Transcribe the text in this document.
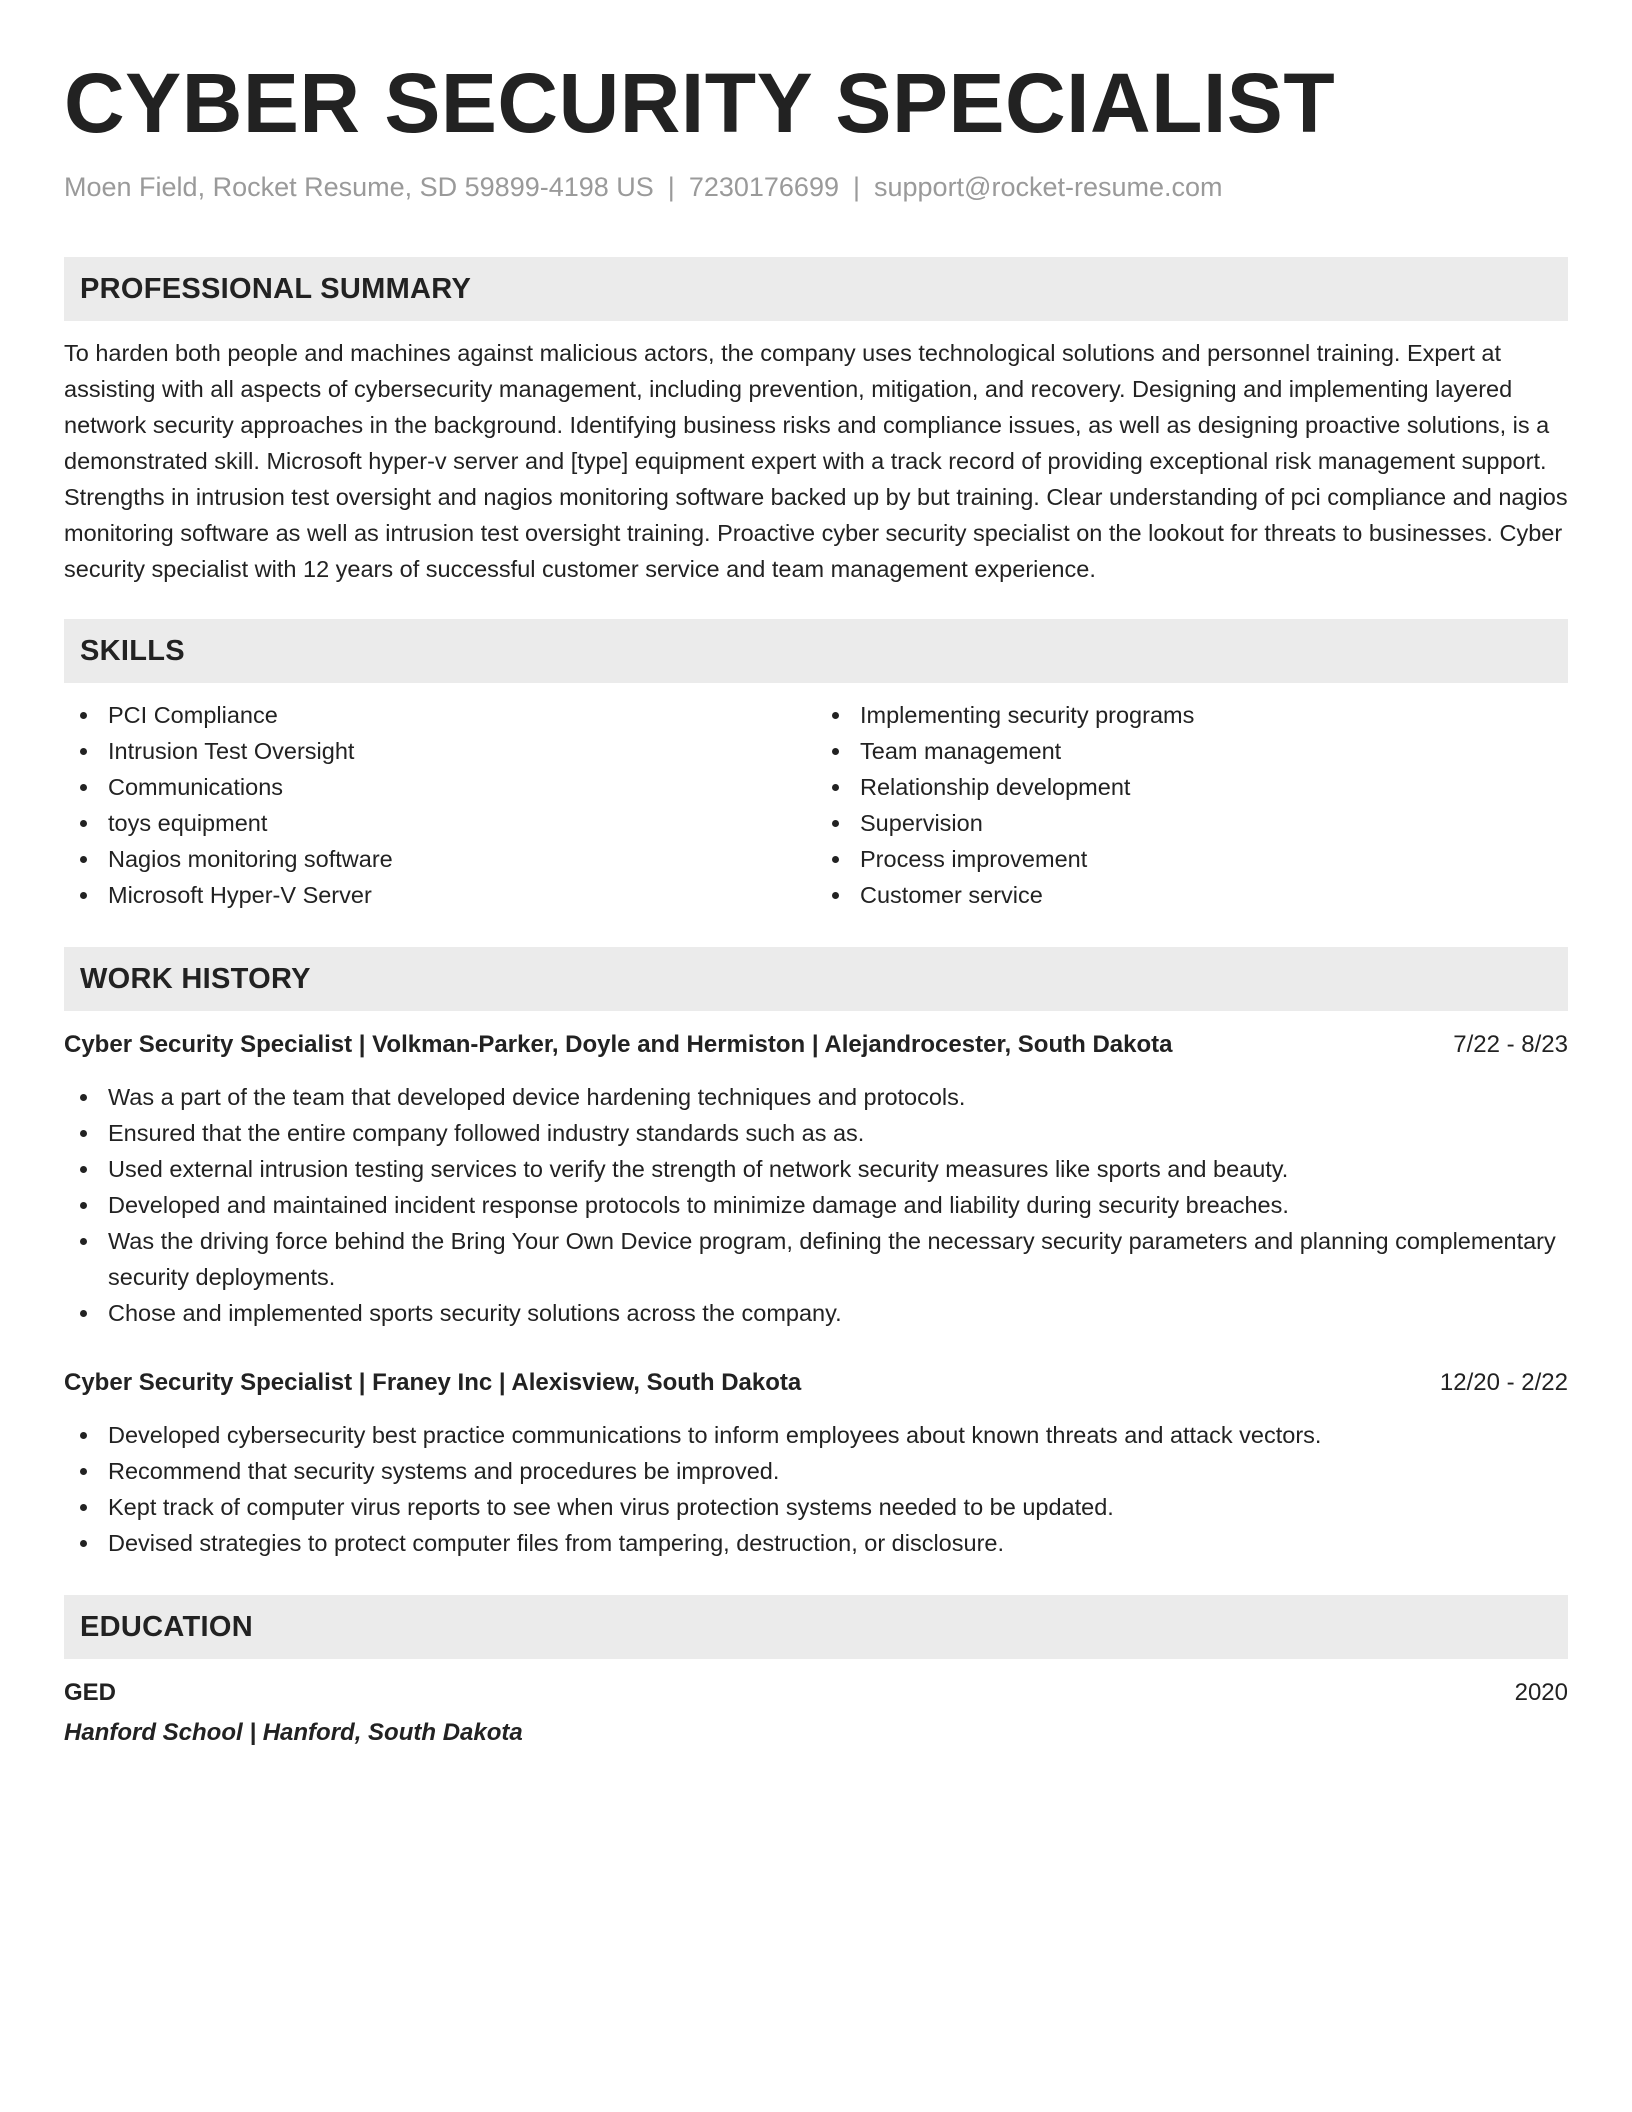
CYBER SECURITY SPECIALIST
Moen Field, Rocket Resume, SD 59899-4198 US | 7230176699 | support@rocket-resume.com
PROFESSIONAL SUMMARY

To harden both people and machines against malicious actors, the company uses technological solutions and personnel training. Expert at assisting with all aspects of cybersecurity management, including prevention, mitigation, and recovery. Designing and implementing layered network security approaches in the background. Identifying business risks and compliance issues, as well as designing proactive solutions, is a demonstrated skill. Microsoft hyper-v server and [type] equipment expert with a track record of providing exceptional risk management support. Strengths in intrusion test oversight and nagios monitoring software backed up by but training. Clear understanding of pci compliance and nagios monitoring software as well as intrusion test oversight training. Proactive cyber security specialist on the lookout for threats to businesses. Cyber security specialist with 12 years of successful customer service and team management experience.

SKILLS
PCI Compliance
Intrusion Test Oversight
Communications
toys equipment
Nagios monitoring software
Microsoft Hyper-V Server
Implementing security programs
Team management
Relationship development
Supervision
Process improvement
Customer service
WORK HISTORY
Cyber Security Specialist | Volkman-Parker, Doyle and Hermiston | Alejandrocester, South Dakota	7/22 - 8/23
Was a part of the team that developed device hardening techniques and protocols.
Ensured that the entire company followed industry standards such as as.
Used external intrusion testing services to verify the strength of network security measures like sports and beauty.
Developed and maintained incident response protocols to minimize damage and liability during security breaches.
Was the driving force behind the Bring Your Own Device program, defining the necessary security parameters and planning complementary security deployments.
Chose and implemented sports security solutions across the company.
Cyber Security Specialist | Franey Inc | Alexisview, South Dakota	12/20 - 2/22
Developed cybersecurity best practice communications to inform employees about known threats and attack vectors.
Recommend that security systems and procedures be improved.
Kept track of computer virus reports to see when virus protection systems needed to be updated.
Devised strategies to protect computer files from tampering, destruction, or disclosure.
EDUCATION
GED	2020
Hanford School | Hanford, South Dakota
